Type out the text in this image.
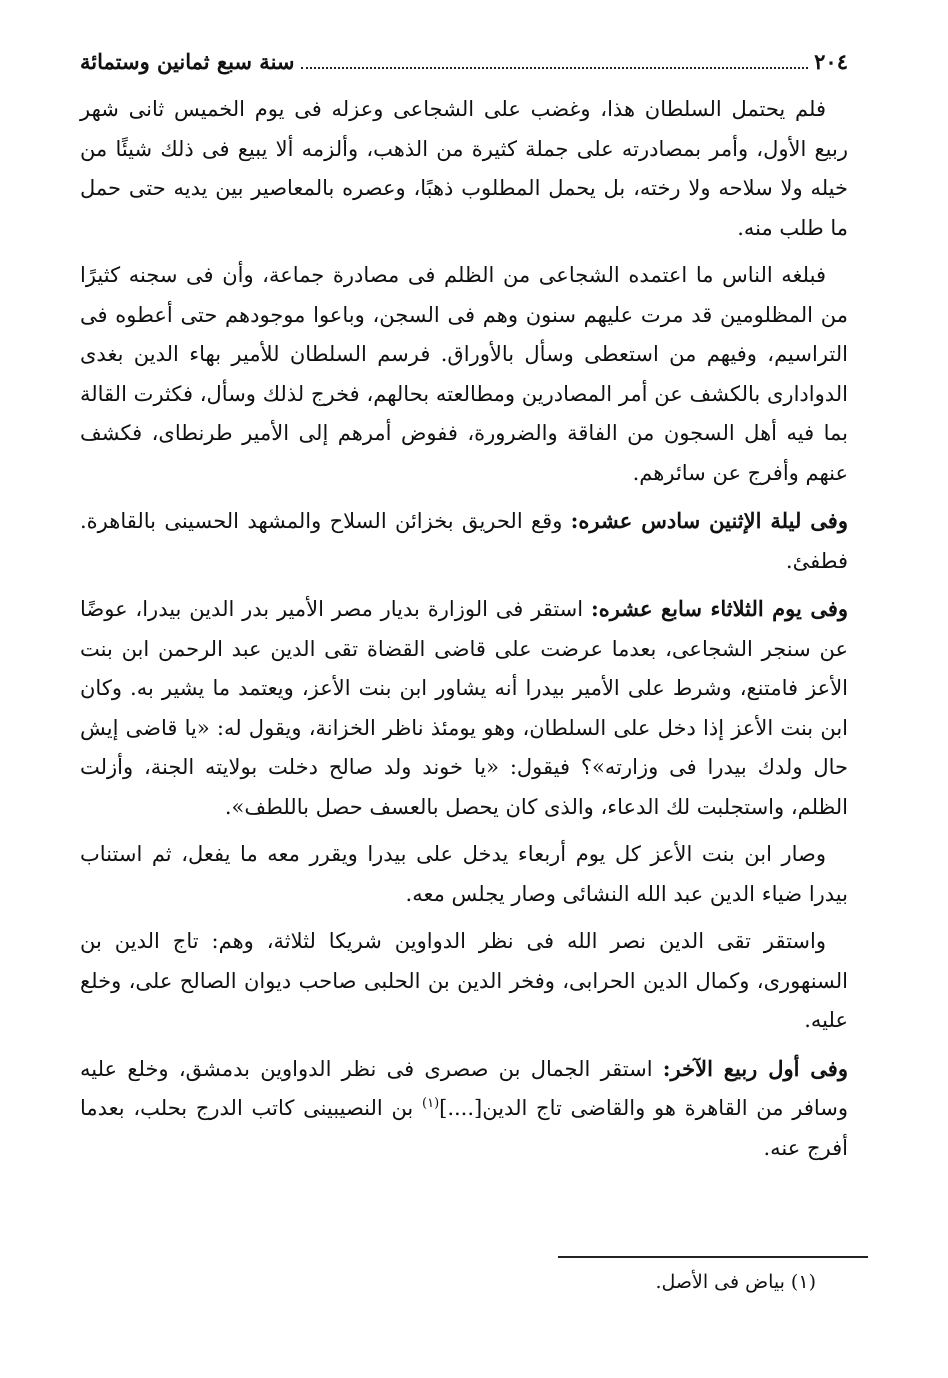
٢٠٤
سنة سبع ثمانين وستمائة

فلم يحتمل السلطان هذا، وغضب على الشجاعى وعزله فى يوم الخميس ثانى شهر ربيع الأول، وأمر بمصادرته على جملة كثيرة من الذهب، وألزمه ألا يبيع فى ذلك شيئًا من خيله ولا سلاحه ولا رخته، بل يحمل المطلوب ذهبًا، وعصره بالمعاصير بين يديه حتى حمل ما طلب منه.

فبلغه الناس ما اعتمده الشجاعى من الظلم فى مصادرة جماعة، وأن فى سجنه كثيرًا من المظلومين قد مرت عليهم سنون وهم فى السجن، وباعوا موجودهم حتى أعطوه فى التراسيم، وفيهم من استعطى وسأل بالأوراق. فرسم السلطان للأمير بهاء الدين بغدى الدوادارى بالكشف عن أمر المصادرين ومطالعته بحالهم، فخرج لذلك وسأل، فكثرت القالة بما فيه أهل السجون من الفاقة والضرورة، ففوض أمرهم إلى الأمير طرنطاى، فكشف عنهم وأفرج عن سائرهم.

وفى ليلة الإثنين سادس عشره: وقع الحريق بخزائن السلاح والمشهد الحسينى بالقاهرة. فطفئ.

وفى يوم الثلاثاء سابع عشره: استقر فى الوزارة بديار مصر الأمير بدر الدين بيدرا، عوضًا عن سنجر الشجاعى، بعدما عرضت على قاضى القضاة تقى الدين عبد الرحمن ابن بنت الأعز فامتنع، وشرط على الأمير بيدرا أنه يشاور ابن بنت الأعز، ويعتمد ما يشير به. وكان ابن بنت الأعز إذا دخل على السلطان، وهو يومئذ ناظر الخزانة، ويقول له: «يا قاضى إيش حال ولدك بيدرا فى وزارته»؟ فيقول: «يا خوند ولد صالح دخلت بولايته الجنة، وأزلت الظلم، واستجلبت لك الدعاء، والذى كان يحصل بالعسف حصل باللطف».

وصار ابن بنت الأعز كل يوم أربعاء يدخل على بيدرا ويقرر معه ما يفعل، ثم استناب بيدرا ضياء الدين عبد الله النشائى وصار يجلس معه.

واستقر تقى الدين نصر الله فى نظر الدواوين شريكا لثلاثة، وهم: تاج الدين بن السنهورى، وكمال الدين الحرابى، وفخر الدين بن الحلبى صاحب ديوان الصالح على، وخلع عليه.

وفى أول ربيع الآخر: استقر الجمال بن صصرى فى نظر الدواوين بدمشق، وخلع عليه وسافر من القاهرة هو والقاضى تاج الدين[....]$^{(١)}$ بن النصيبينى كاتب الدرج بحلب، بعدما أفرج عنه.

(١) بياض فى الأصل.
